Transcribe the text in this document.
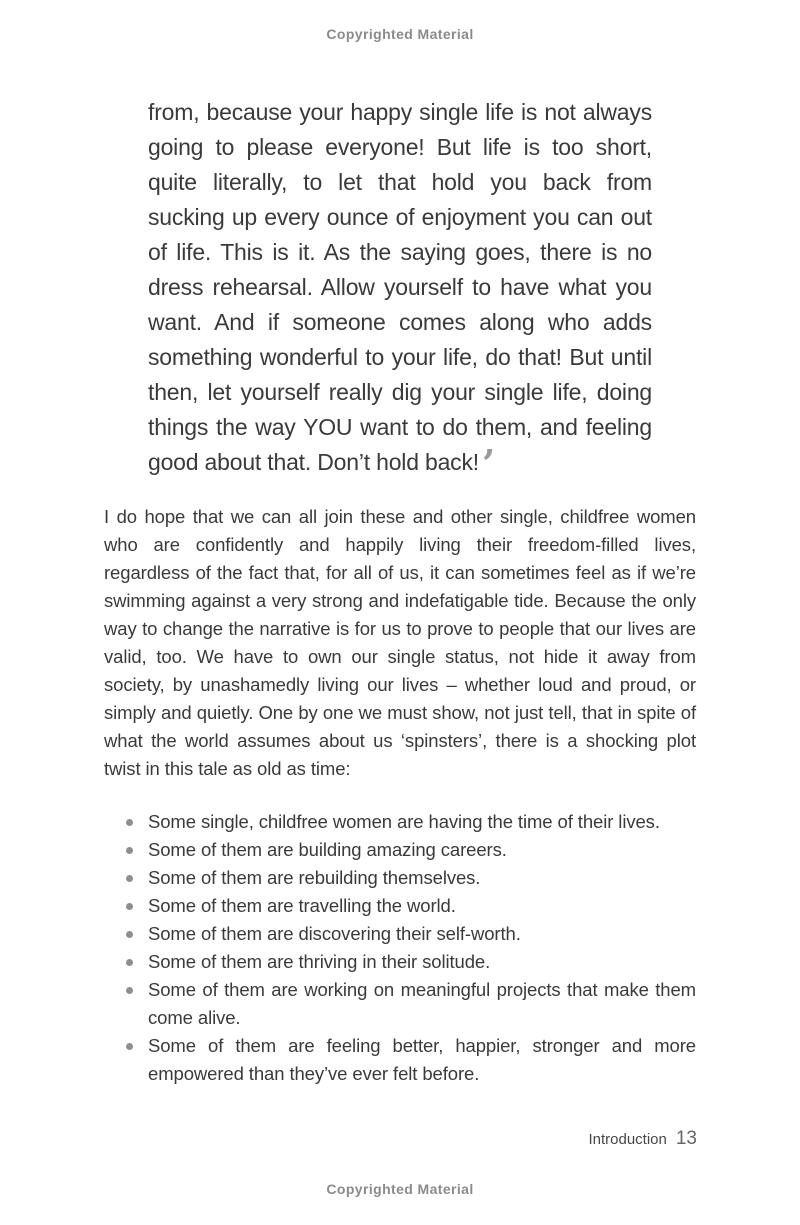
Copyrighted Material
from, because your happy single life is not always going to please everyone! But life is too short, quite literally, to let that hold you back from sucking up every ounce of enjoyment you can out of life. This is it. As the saying goes, there is no dress rehearsal. Allow yourself to have what you want. And if someone comes along who adds something wonderful to your life, do that! But until then, let yourself really dig your single life, doing things the way YOU want to do them, and feeling good about that. Don’t hold back!’
I do hope that we can all join these and other single, childfree women who are confidently and happily living their freedom-filled lives, regardless of the fact that, for all of us, it can sometimes feel as if we’re swimming against a very strong and indefatigable tide. Because the only way to change the narrative is for us to prove to people that our lives are valid, too. We have to own our single status, not hide it away from society, by unashamedly living our lives – whether loud and proud, or simply and quietly. One by one we must show, not just tell, that in spite of what the world assumes about us ‘spinsters’, there is a shocking plot twist in this tale as old as time:
Some single, childfree women are having the time of their lives.
Some of them are building amazing careers.
Some of them are rebuilding themselves.
Some of them are travelling the world.
Some of them are discovering their self-worth.
Some of them are thriving in their solitude.
Some of them are working on meaningful projects that make them come alive.
Some of them are feeling better, happier, stronger and more empowered than they’ve ever felt before.
Introduction 13
Copyrighted Material
